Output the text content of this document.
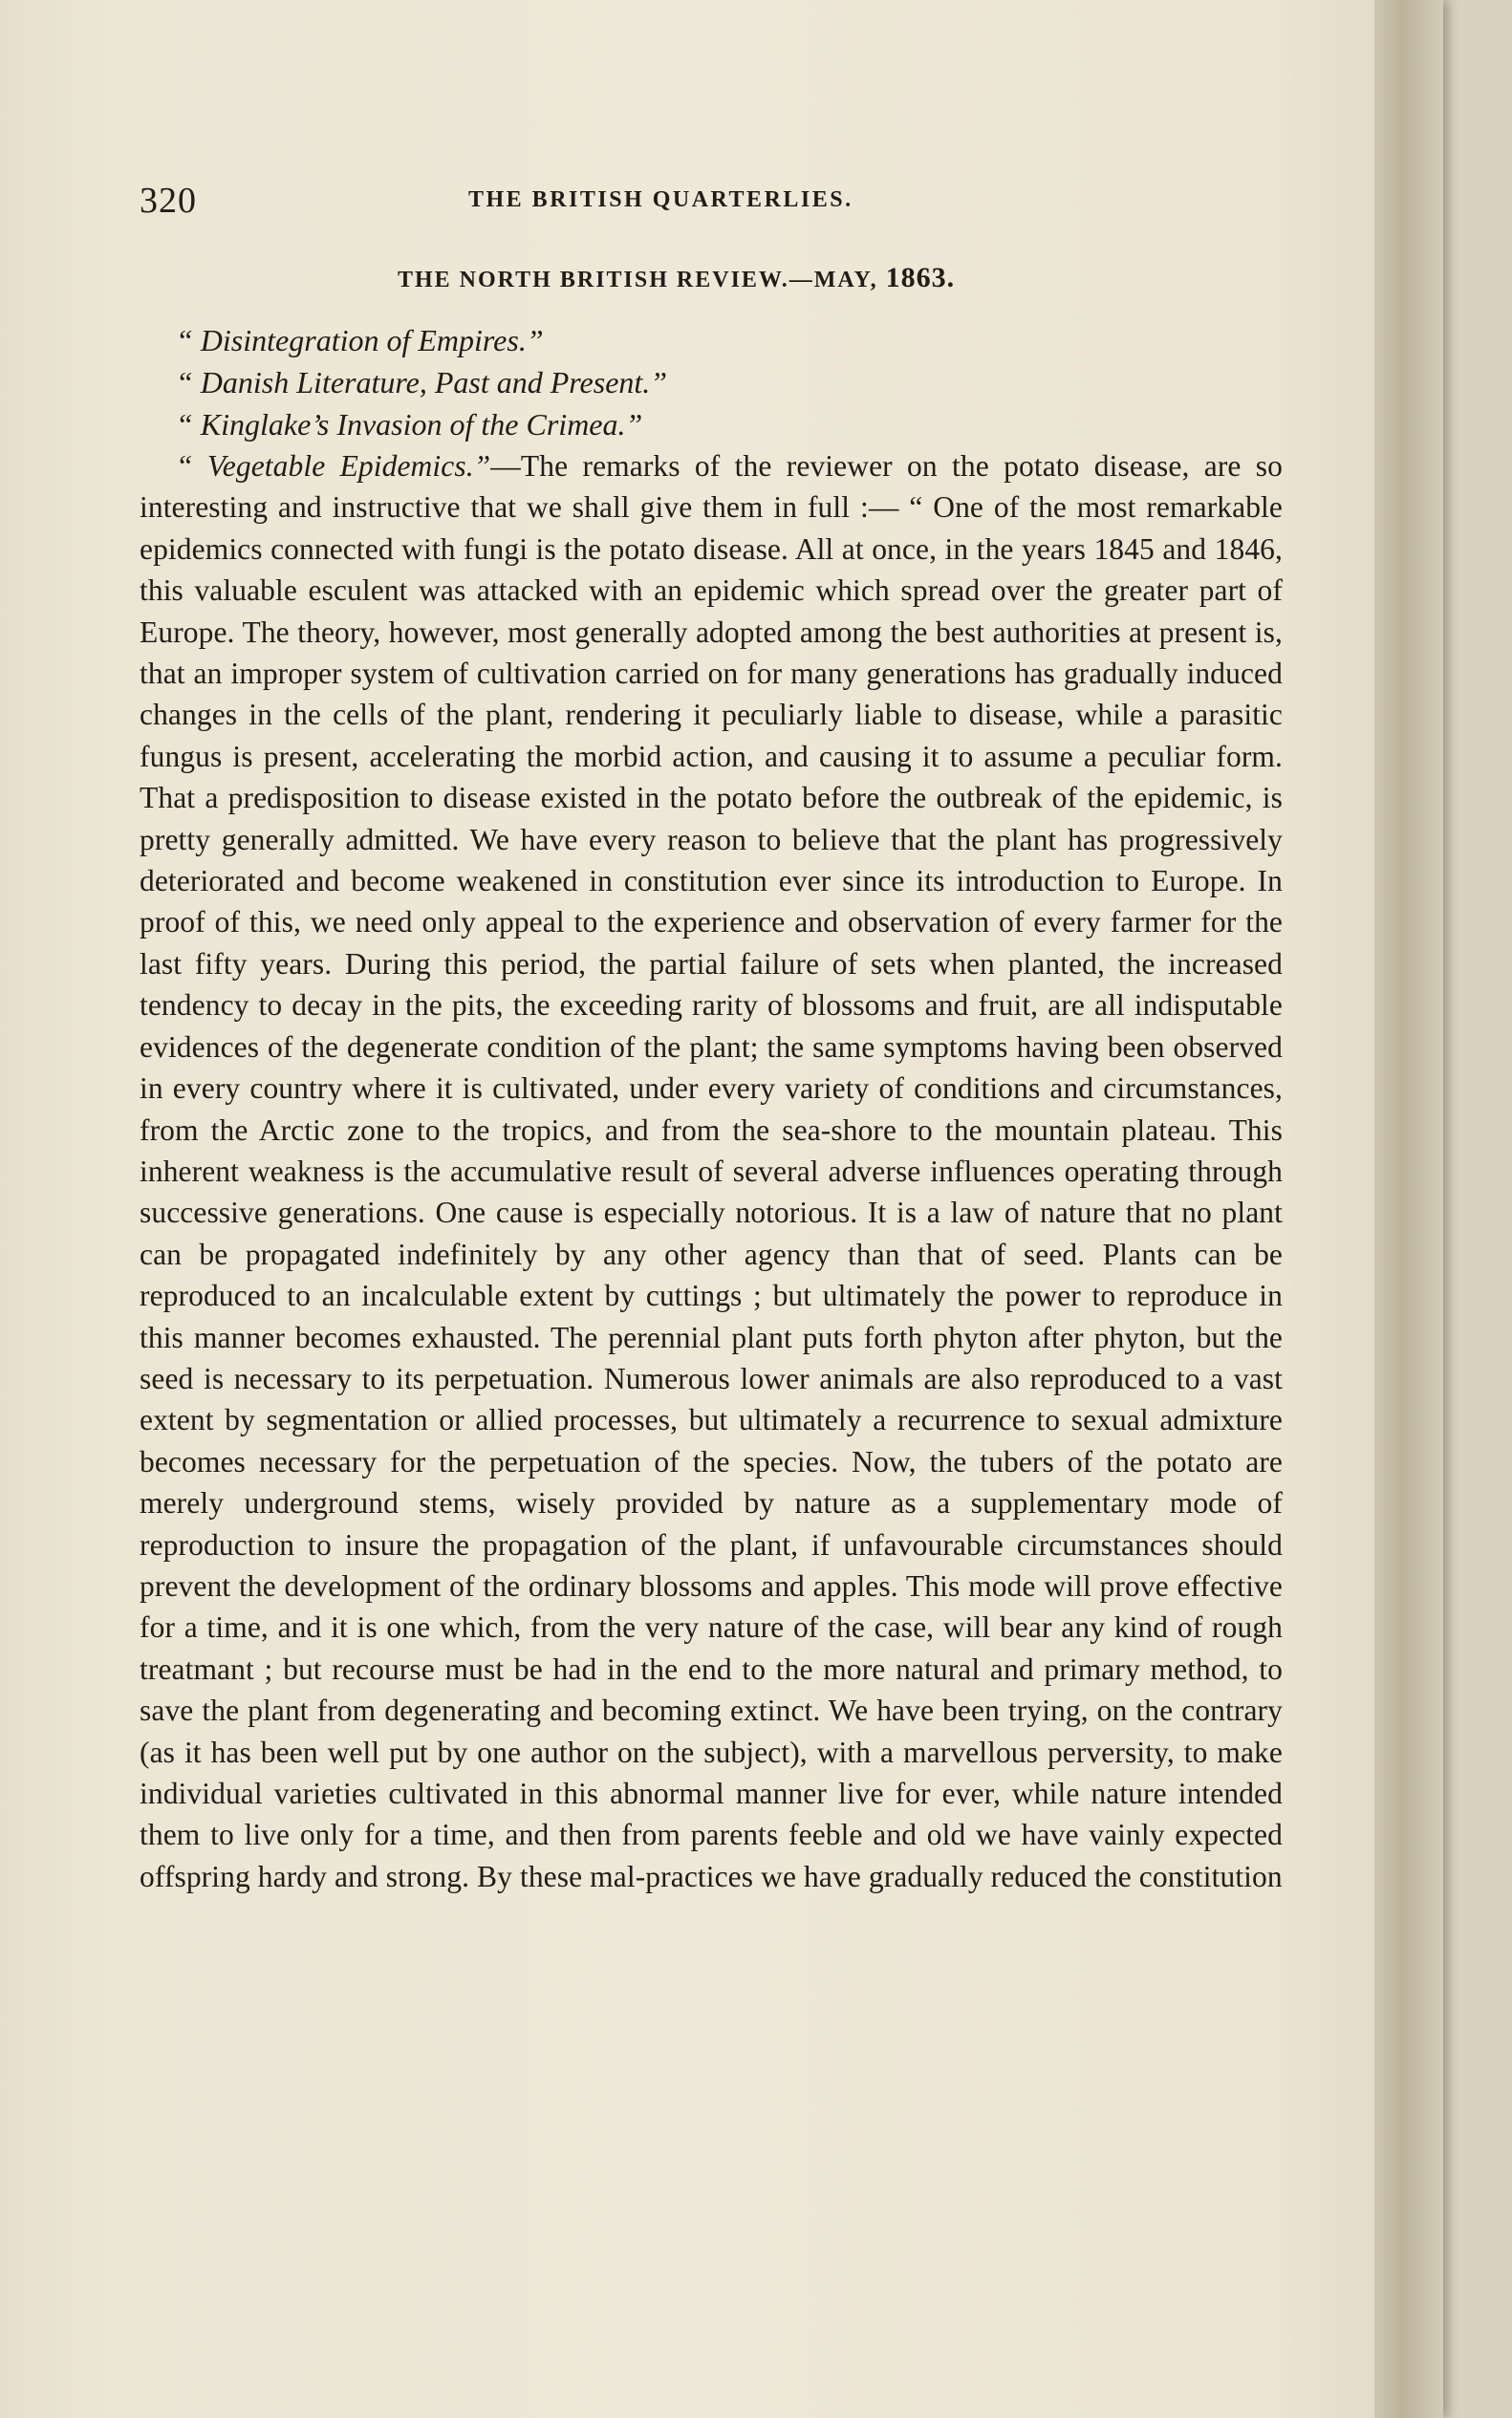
320	THE BRITISH QUARTERLIES.
THE NORTH BRITISH REVIEW.—MAY, 1863.
“ Disintegration of Empires.”
“ Danish Literature, Past and Present.”
“ Kinglake’s Invasion of the Crimea.”

“ Vegetable Epidemics.”—The remarks of the reviewer on the potato disease, are so interesting and instructive that we shall give them in full :— “ One of the most remarkable epidemics connected with fungi is the potato disease. All at once, in the years 1845 and 1846, this valuable esculent was attacked with an epidemic which spread over the greater part of Europe. The theory, however, most generally adopted among the best authorities at present is, that an improper system of cultivation carried on for many generations has gradually induced changes in the cells of the plant, rendering it peculiarly liable to disease, while a parasitic fungus is present, accelerating the morbid action, and causing it to assume a peculiar form. That a predisposition to disease existed in the potato before the outbreak of the epidemic, is pretty generally admitted. We have every reason to believe that the plant has progressively deteriorated and become weakened in constitution ever since its introduction to Europe. In proof of this, we need only appeal to the experience and observation of every farmer for the last fifty years. During this period, the partial failure of sets when planted, the increased tendency to decay in the pits, the exceeding rarity of blossoms and fruit, are all indisputable evidences of the degenerate condition of the plant; the same symptoms having been observed in every country where it is cultivated, under every variety of conditions and circumstances, from the Arctic zone to the tropics, and from the sea-shore to the mountain plateau. This inherent weakness is the accumulative result of several adverse influences operating through successive generations. One cause is especially notorious. It is a law of nature that no plant can be propagated indefinitely by any other agency than that of seed. Plants can be reproduced to an incalculable extent by cuttings ; but ultimately the power to reproduce in this manner becomes exhausted. The perennial plant puts forth phyton after phyton, but the seed is necessary to its perpetuation. Numerous lower animals are also reproduced to a vast extent by segmentation or allied processes, but ultimately a recurrence to sexual admixture becomes necessary for the perpetuation of the species. Now, the tubers of the potato are merely underground stems, wisely provided by nature as a supplementary mode of reproduction to insure the propagation of the plant, if unfavourable circumstances should prevent the development of the ordinary blossoms and apples. This mode will prove effective for a time, and it is one which, from the very nature of the case, will bear any kind of rough treatmant ; but recourse must be had in the end to the more natural and primary method, to save the plant from degenerating and becoming extinct. We have been trying, on the contrary (as it has been well put by one author on the subject), with a marvellous perversity, to make individual varieties cultivated in this abnormal manner live for ever, while nature intended them to live only for a time, and then from parents feeble and old we have vainly expected offspring hardy and strong. By these mal-practices we have gradually reduced the constitution
